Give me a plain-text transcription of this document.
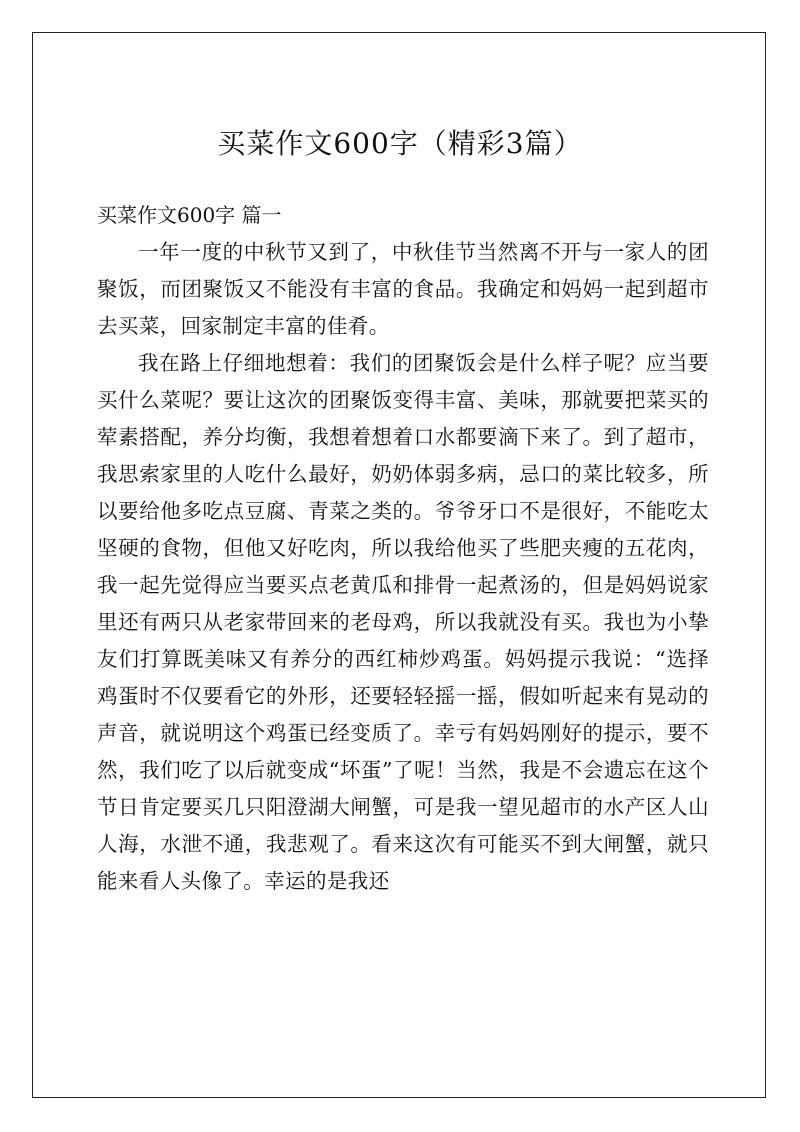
买菜作文600字（精彩3篇）
买菜作文600字 篇一

一年一度的中秋节又到了，中秋佳节当然离不开与一家人的团聚饭，而团聚饭又不能没有丰富的食品。我确定和妈妈一起到超市去买菜，回家制定丰富的佳肴。

我在路上仔细地想着：我们的团聚饭会是什么样子呢？应当要买什么菜呢？要让这次的团聚饭变得丰富、美味，那就要把菜买的荤素搭配，养分均衡，我想着想着口水都要滴下来了。到了超市，我思索家里的人吃什么最好，奶奶体弱多病，忌口的菜比较多，所以要给他多吃点豆腐、青菜之类的。爷爷牙口不是很好，不能吃太坚硬的食物，但他又好吃肉，所以我给他买了些肥夹瘦的五花肉，我一起先觉得应当要买点老黄瓜和排骨一起煮汤的，但是妈妈说家里还有两只从老家带回来的老母鸡，所以我就没有买。我也为小挚友们打算既美味又有养分的西红柿炒鸡蛋。妈妈提示我说：“选择鸡蛋时不仅要看它的外形，还要轻轻摇一摇，假如听起来有晃动的声音，就说明这个鸡蛋已经变质了。幸亏有妈妈刚好的提示，要不然，我们吃了以后就变成“坏蛋”了呢！当然，我是不会遗忘在这个节日肯定要买几只阳澄湖大闸蟹，可是我一望见超市的水产区人山人海，水泄不通，我悲观了。看来这次有可能买不到大闸蟹，就只能来看人头像了。幸运的是我还
